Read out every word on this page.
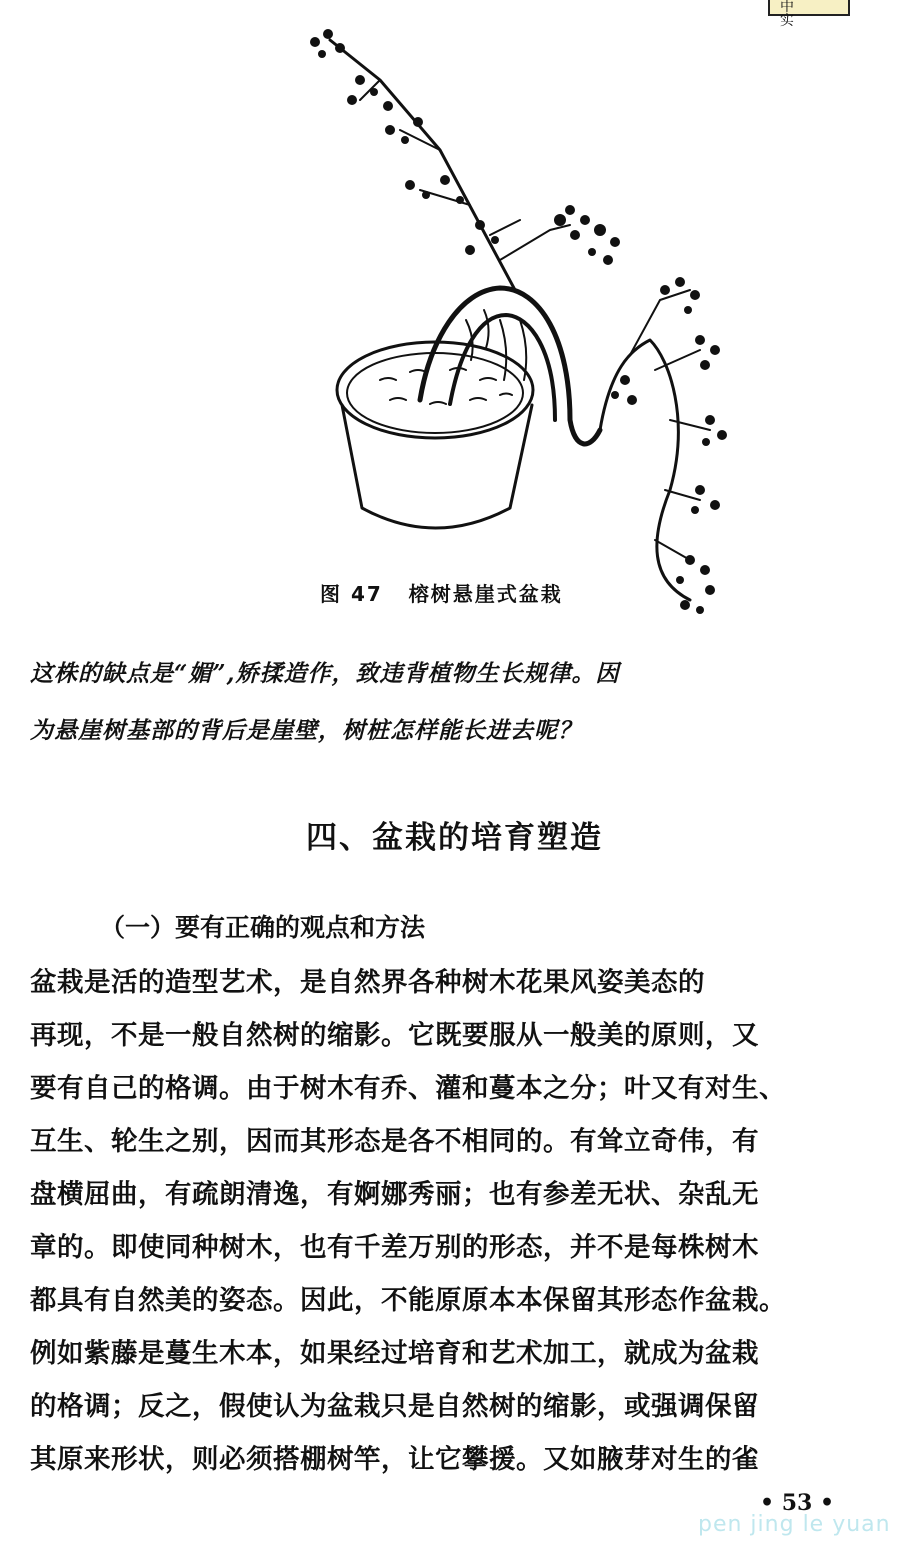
中 实
图 47 榕树悬崖式盆栽
这株的缺点是“媚”,矫揉造作，致违背植物生长规律。因
为悬崖树基部的背后是崖壁，树桩怎样能长进去呢？
四、盆栽的培育塑造
（一）要有正确的观点和方法
盆栽是活的造型艺术，是自然界各种树木花果风姿美态的
再现，不是一般自然树的缩影。它既要服从一般美的原则，又
要有自己的格调。由于树木有乔、灌和蔓本之分；叶又有对生、
互生、轮生之别，因而其形态是各不相同的。有耸立奇伟，有
盘横屈曲，有疏朗清逸，有婀娜秀丽；也有参差无状、杂乱无
章的。即使同种树木，也有千差万别的形态，并不是每株树木
都具有自然美的姿态。因此，不能原原本本保留其形态作盆栽。
例如紫藤是蔓生木本，如果经过培育和艺术加工，就成为盆栽
的格调；反之，假使认为盆栽只是自然树的缩影，或强调保留
其原来形状，则必须搭棚树竿，让它攀援。又如腋芽对生的雀
• 53 •
pen jing le yuan
